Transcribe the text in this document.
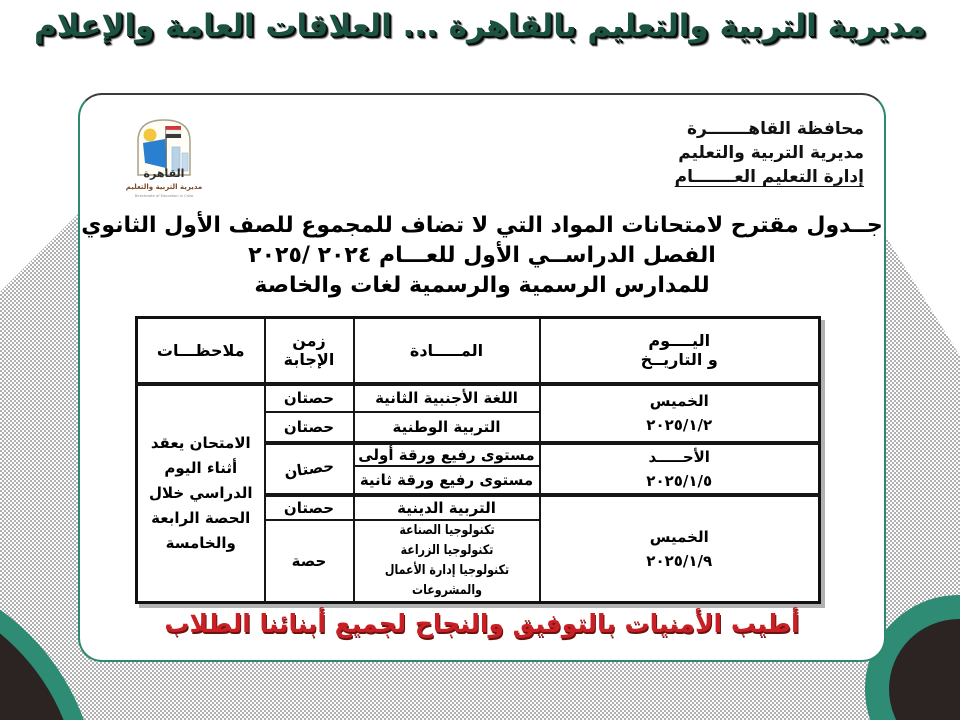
مديرية التربية والتعليم بالقاهرة ... العلاقات العامة والإعلام
القاهرة
مديرية التربية والتعليم
Directorate of Education in Cairo
محافظة القاهـــــــرة
مديرية التربية والتعليم
إدارة التعليم العـــــــام
جــدول مقترح لامتحانات المواد التي لا تضاف للمجموع للصف الأول الثانوي
الفصل الدراســي الأول للعـــام ٢٠٢٤ /٢٠٢٥
للمدارس الرسمية والرسمية لغات والخاصة
اليــــوم
و التاريــخ	المـــــادة	زمن الإجابة	ملاحظـــات

الخميس
٢٠٢٥/١/٢	اللغة الأجنبية الثانية	حصتان	الامتحان يعقد أثناء اليوم الدراسي خلال الحصة الرابعة والخامسة
	التربية الوطنية	حصتان	

الأحـــــد
٢٠٢٥/١/٥	مستوى رفيع ورقة أولى	حصتان	
	مستوى رفيع ورقة ثانية		

الخميس
٢٠٢٥/١/٩	التربية الدينية	حصتان	
	تكنولوجيا الصناعة
تكنولوجيا الزراعة
تكنولوجيا إدارة الأعمال والمشروعات	حصة	
أطيب الأمنيات بالتوفيق والنجاح لجميع أبنائنا الطلاب
